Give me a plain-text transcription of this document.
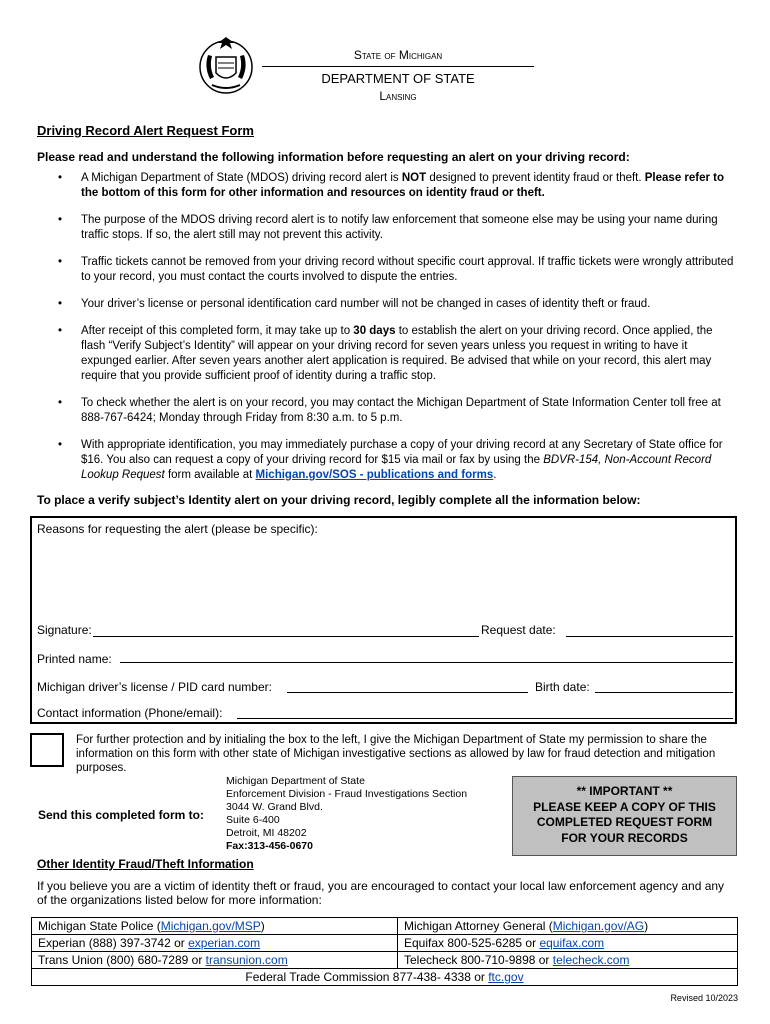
State of Michigan
DEPARTMENT OF STATE
Lansing
Driving Record Alert Request Form
Please read and understand the following information before requesting an alert on your driving record:
• A Michigan Department of State (MDOS) driving record alert is NOT designed to prevent identity fraud or theft. Please refer to the bottom of this form for other information and resources on identity fraud or theft.
• The purpose of the MDOS driving record alert is to notify law enforcement that someone else may be using your name during traffic stops. If so, the alert still may not prevent this activity.
• Traffic tickets cannot be removed from your driving record without specific court approval. If traffic tickets were wrongly attributed to your record, you must contact the courts involved to dispute the entries.
• Your driver’s license or personal identification card number will not be changed in cases of identity theft or fraud.
• After receipt of this completed form, it may take up to 30 days to establish the alert on your driving record. Once applied, the flash “Verify Subject’s Identity” will appear on your driving record for seven years unless you request in writing to have it expunged earlier. After seven years another alert application is required. Be advised that while on your record, this alert may require that you provide sufficient proof of identity during a traffic stop.
• To check whether the alert is on your record, you may contact the Michigan Department of State Information Center toll free at 888-767-6424; Monday through Friday from 8:30 a.m. to 5 p.m.
• With appropriate identification, you may immediately purchase a copy of your driving record at any Secretary of State office for $16. You also can request a copy of your driving record for $15 via mail or fax by using the BDVR-154, Non-Account Record Lookup Request form available at Michigan.gov/SOS - publications and forms.
To place a verify subject’s Identity alert on your driving record, legibly complete all the information below:
Reasons for requesting the alert (please be specific):
Signature:	Request date:
Printed name:
Michigan driver’s license / PID card number:	Birth date:
Contact information (Phone/email):
For further protection and by initialing the box to the left, I give the Michigan Department of State my permission to share the information on this form with other state of Michigan investigative sections as allowed by law for fraud detection and mitigation purposes.
Send this completed form to:
Michigan Department of State
Enforcement Division - Fraud Investigations Section
3044 W. Grand Blvd.
Suite 6-400
Detroit, MI 48202
Fax:313-456-0670
** IMPORTANT **
PLEASE KEEP A COPY OF THIS
COMPLETED REQUEST FORM
FOR YOUR RECORDS
Other Identity Fraud/Theft Information
If you believe you are a victim of identity theft or fraud, you are encouraged to contact your local law enforcement agency and any of the organizations listed below for more information:
Michigan State Police (Michigan.gov/MSP)	Michigan Attorney General (Michigan.gov/AG)
Experian (888) 397-3742 or experian.com	Equifax 800-525-6285 or equifax.com
Trans Union (800) 680-7289 or transunion.com	Telecheck 800-710-9898 or telecheck.com
Federal Trade Commission 877-438- 4338 or ftc.gov	
Revised 10/2023
